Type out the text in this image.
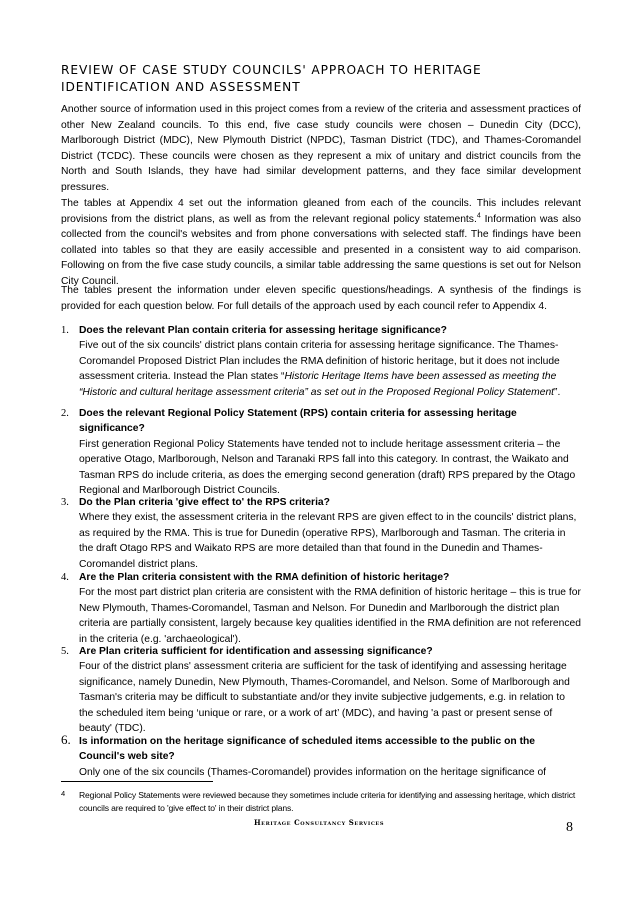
REVIEW OF CASE STUDY COUNCILS' APPROACH TO HERITAGE
IDENTIFICATION AND ASSESSMENT

Another source of information used in this project comes from a review of the criteria and assessment practices of other New Zealand councils. To this end, five case study councils were chosen – Dunedin City (DCC), Marlborough District (MDC), New Plymouth District (NPDC), Tasman District (TDC), and Thames-Coromandel District (TCDC). These councils were chosen as they represent a mix of unitary and district councils from the North and South Islands, they have had similar development patterns, and they face similar development pressures.

The tables at Appendix 4 set out the information gleaned from each of the councils. This includes relevant provisions from the district plans, as well as from the relevant regional policy statements.$^4$ Information was also collected from the council's websites and from phone conversations with selected staff. The findings have been collated into tables so that they are easily accessible and presented in a consistent way to aid comparison. Following on from the five case study councils, a similar table addressing the same questions is set out for Nelson City Council.

The tables present the information under eleven specific questions/headings. A synthesis of the findings is provided for each question below. For full details of the approach used by each council refer to Appendix 4.

1. Does the relevant Plan contain criteria for assessing heritage significance?
Five out of the six councils' district plans contain criteria for assessing heritage significance. The Thames-Coromandel Proposed District Plan includes the RMA definition of historic heritage, but it does not include assessment criteria. Instead the Plan states “Historic Heritage Items have been assessed as meeting the “Historic and cultural heritage assessment criteria” as set out in the Proposed Regional Policy Statement”.
2. Does the relevant Regional Policy Statement (RPS) contain criteria for assessing heritage significance?
First generation Regional Policy Statements have tended not to include heritage assessment criteria – the operative Otago, Marlborough, Nelson and Taranaki RPS fall into this category. In contrast, the Waikato and Tasman RPS do include criteria, as does the emerging second generation (draft) RPS prepared by the Otago Regional and Marlborough District Councils.
3. Do the Plan criteria 'give effect to' the RPS criteria?
Where they exist, the assessment criteria in the relevant RPS are given effect to in the councils' district plans, as required by the RMA. This is true for Dunedin (operative RPS), Marlborough and Tasman. The criteria in the draft Otago RPS and Waikato RPS are more detailed than that found in the Dunedin and Thames-Coromandel district plans.
4. Are the Plan criteria consistent with the RMA definition of historic heritage?
For the most part district plan criteria are consistent with the RMA definition of historic heritage – this is true for New Plymouth, Thames-Coromandel, Tasman and Nelson. For Dunedin and Marlborough the district plan criteria are partially consistent, largely because key qualities identified in the RMA definition are not referenced in the criteria (e.g. 'archaeological').
5. Are Plan criteria sufficient for identification and assessing significance?
Four of the district plans' assessment criteria are sufficient for the task of identifying and assessing heritage significance, namely Dunedin, New Plymouth, Thames-Coromandel, and Nelson. Some of Marlborough and Tasman's criteria may be difficult to substantiate and/or they invite subjective judgements, e.g. in relation to the scheduled item being ‘unique or rare, or a work of art’ (MDC), and having 'a past or present sense of beauty' (TDC).
6. Is information on the heritage significance of scheduled items accessible to the public on the Council's web site?
Only one of the six councils (Thames-Coromandel) provides information on the heritage significance of
4 Regional Policy Statements were reviewed because they sometimes include criteria for identifying and assessing heritage, which district councils are required to 'give effect to' in their district plans.
Heritage Consultancy Services	8
